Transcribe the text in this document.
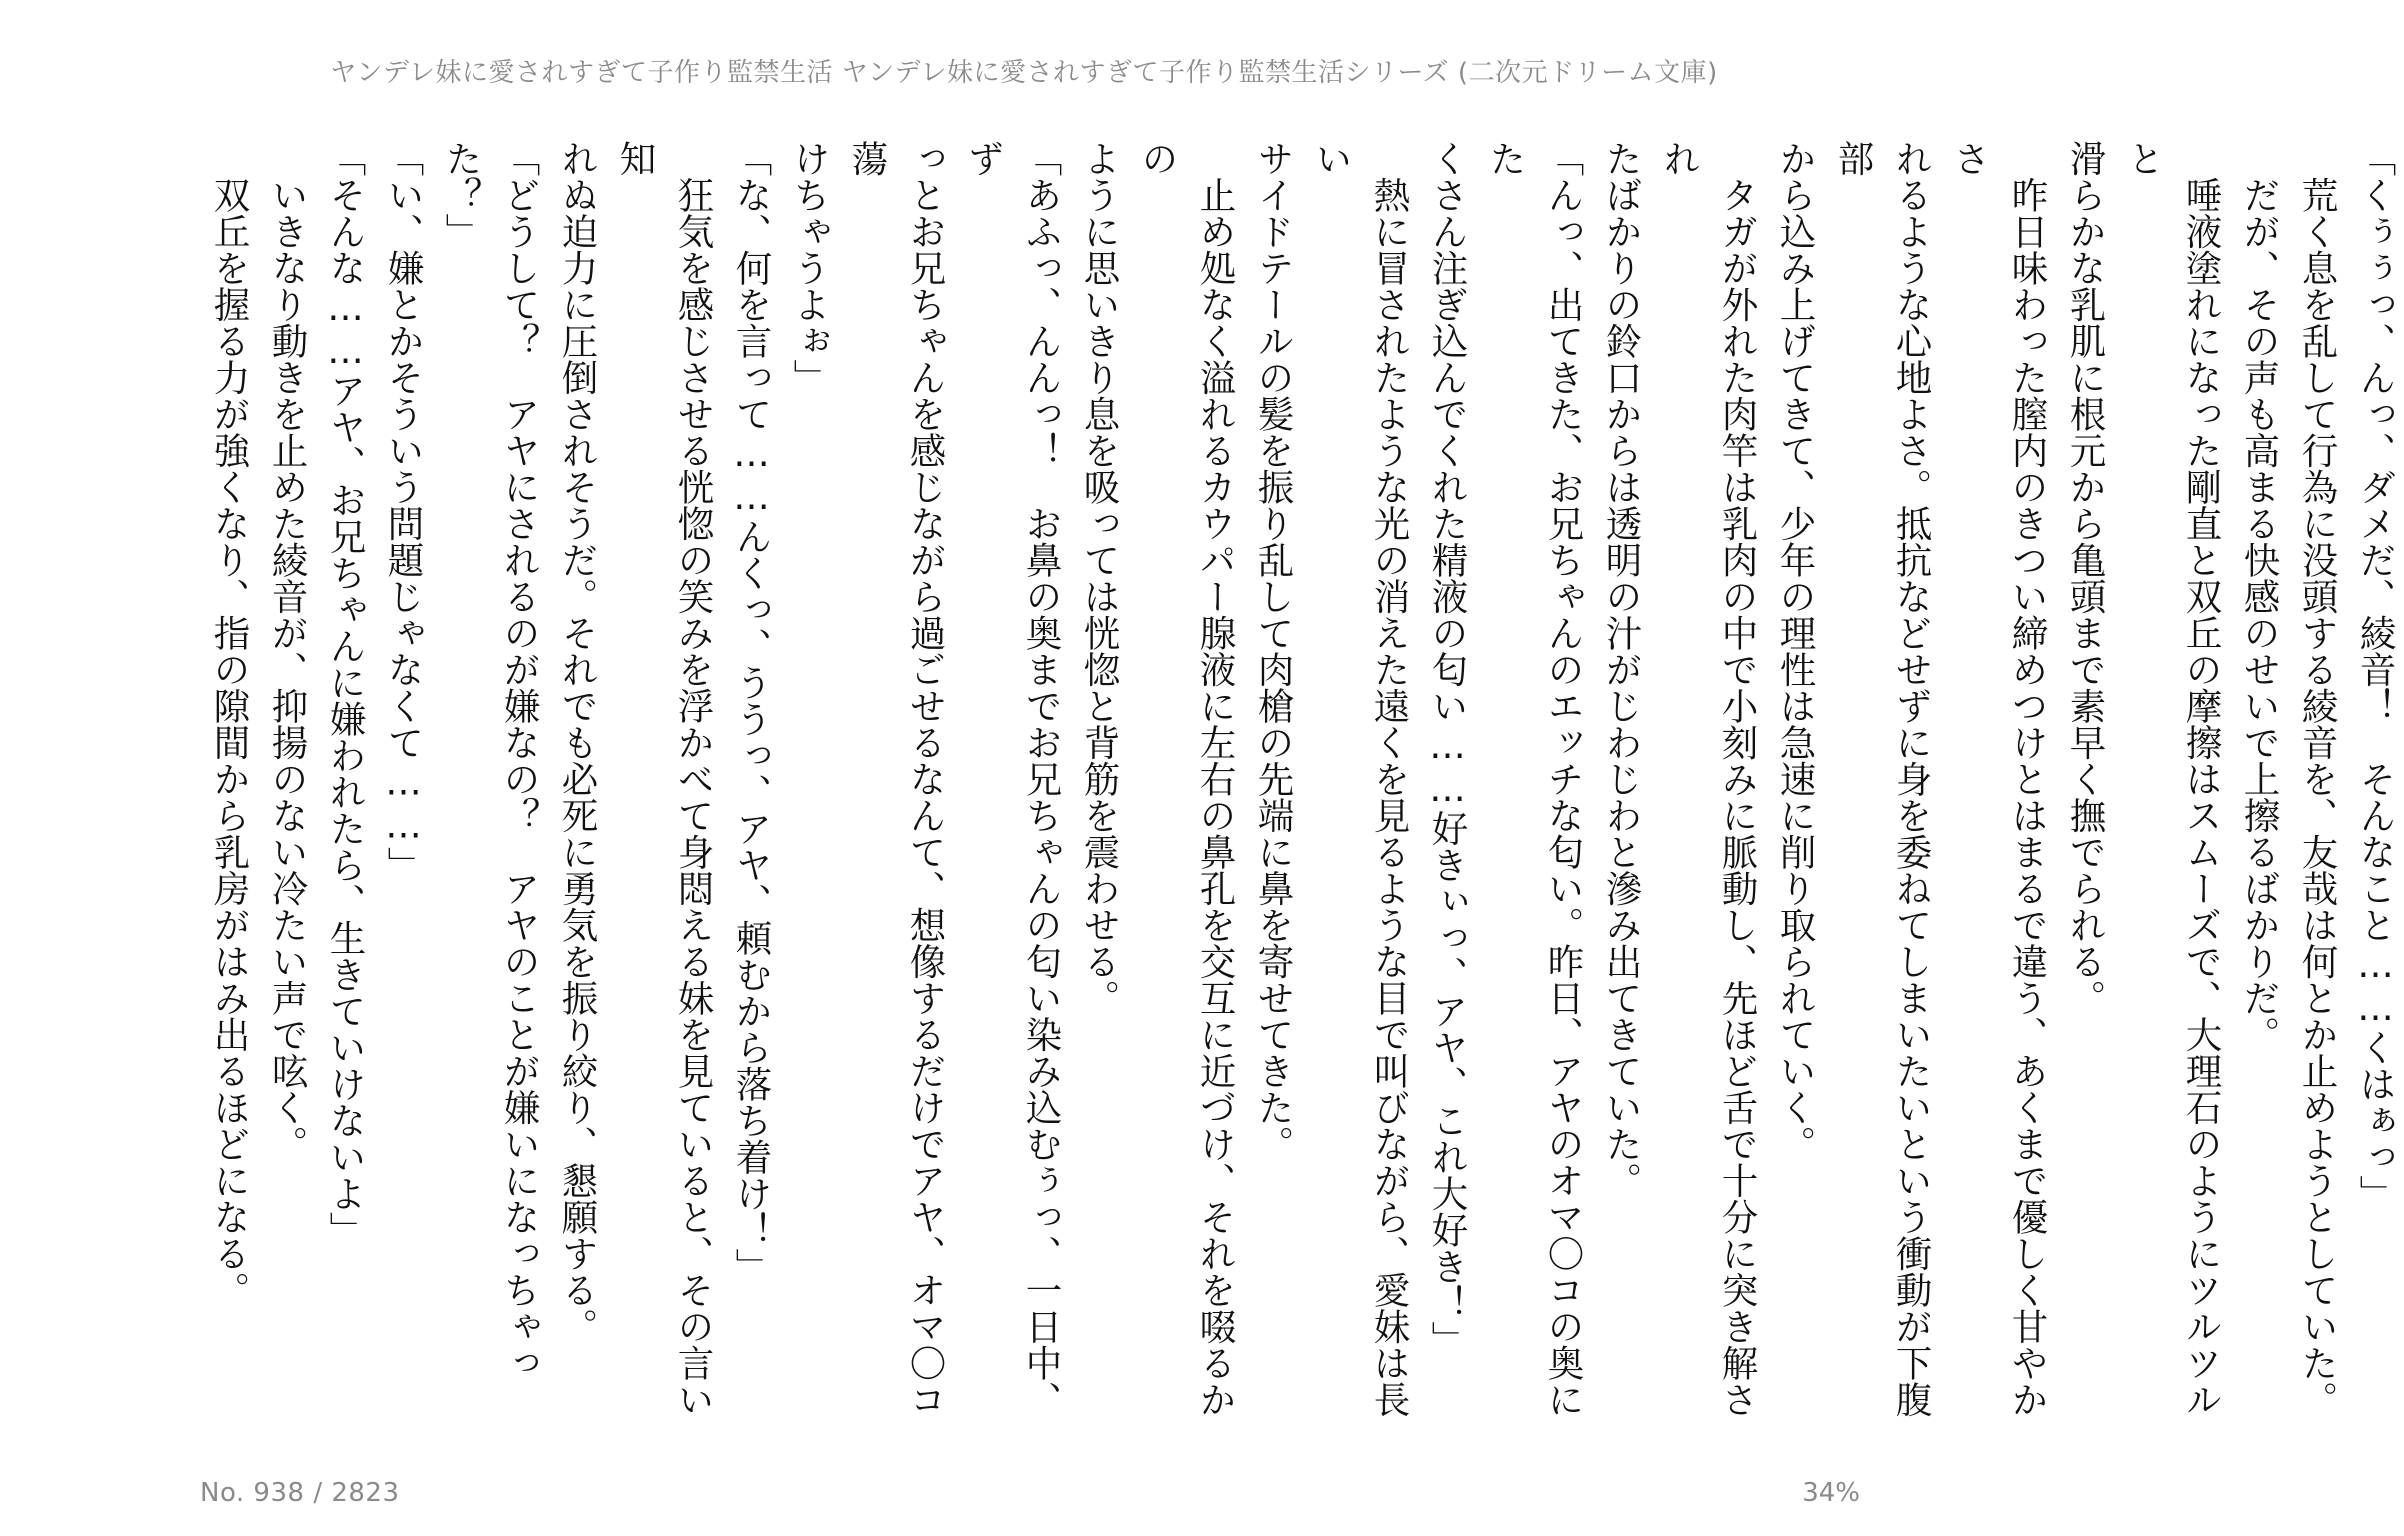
ヤンデレ妹に愛されすぎて子作り監禁生活 ヤンデレ妹に愛されすぎて子作り監禁生活シリーズ (二次元ドリーム文庫)

「くぅぅっ、んっ、ダメだ、綾音！　そんなこと……くはぁっ」

　荒く息を乱して行為に没頭する綾音を、友哉は何とか止めようとしていた。

　だが、その声も高まる快感のせいで上擦るばかりだ。

　唾液塗れになった剛直と双丘の摩擦はスムーズで、大理石のようにツルツルと

滑らかな乳肌に根元から亀頭まで素早く撫でられる。

　昨日味わった膣内のきつい締めつけとはまるで違う、あくまで優しく甘やかさ

れるような心地よさ。抵抗などせずに身を委ねてしまいたいという衝動が下腹部

から込み上げてきて、少年の理性は急速に削り取られていく。

　タガが外れた肉竿は乳肉の中で小刻みに脈動し、先ほど舌で十分に突き解され

たばかりの鈴口からは透明の汁がじわじわと滲み出てきていた。

「んっ、出てきた、お兄ちゃんのエッチな匂い。昨日、アヤのオマ〇コの奥にた

くさん注ぎ込んでくれた精液の匂い……好きぃっ、アヤ、これ大好き！」

　熱に冒されたような光の消えた遠くを見るような目で叫びながら、愛妹は長い

サイドテールの髪を振り乱して肉槍の先端に鼻を寄せてきた。

　止め処なく溢れるカウパー腺液に左右の鼻孔を交互に近づけ、それを啜るかの

ように思いきり息を吸っては恍惚と背筋を震わせる。

「あふっ、んんっ！　お鼻の奥までお兄ちゃんの匂い染み込むぅっ、一日中、ず

っとお兄ちゃんを感じながら過ごせるなんて、想像するだけでアヤ、オマ〇コ蕩

けちゃうよぉ」

「な、何を言って……んくっ、ううっ、アヤ、頼むから落ち着け！」

　狂気を感じさせる恍惚の笑みを浮かべて身悶える妹を見ていると、その言い知

れぬ迫力に圧倒されそうだ。それでも必死に勇気を振り絞り、懇願する。

「どうして？　アヤにされるのが嫌なの？　アヤのことが嫌いになっちゃっ

た？」

「い、嫌とかそういう問題じゃなくて……」

「そんな……アヤ、お兄ちゃんに嫌われたら、生きていけないよ」

　いきなり動きを止めた綾音が、抑揚のない冷たい声で呟く。

　双丘を握る力が強くなり、指の隙間から乳房がはみ出るほどになる。

No. 938 / 2823	34%
